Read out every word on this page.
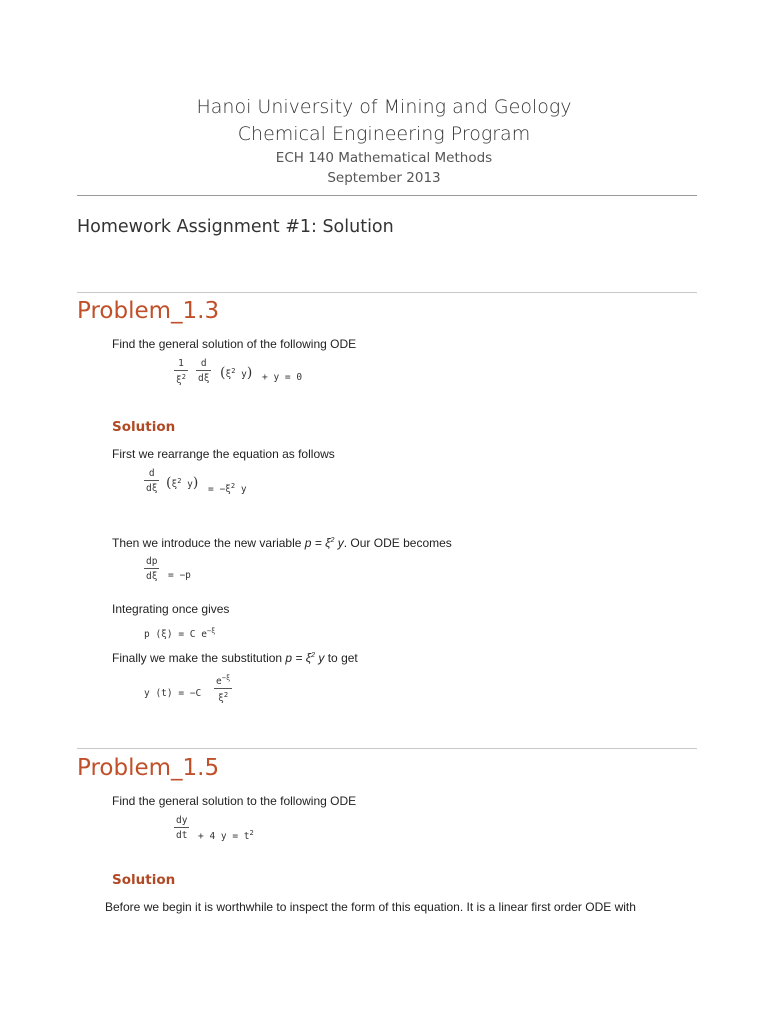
Hanoi University of Mining and Geology
Chemical Engineering Program
ECH 140 Mathematical Methods
September 2013
Homework Assignment #1: Solution
Problem_1.3
Find the general solution of the following ODE
1
$\xi^2$
d
dξ ($\xi^2$ y) + y = 0
Solution
First we rearrange the equation as follows
d
dξ ($\xi^2$ $y) = -\xi^2$ y
Then we introduce the new variable $p = \xi^2$ y. Our ODE becomes
dp
dξ = −p
Integrating once gives
p (ξ) = C $e^{-\xi}$
Finally we make the substitution $p = \xi^2$ y to get
y (t) = −C
$e^{-\xi}$
$\xi^2$
Problem_1.5
Find the general solution to the following ODE
dy
dt + 4 $y = t^2$
Solution
Before we begin it is worthwhile to inspect the form of this equation. It is a linear first order ODE with
